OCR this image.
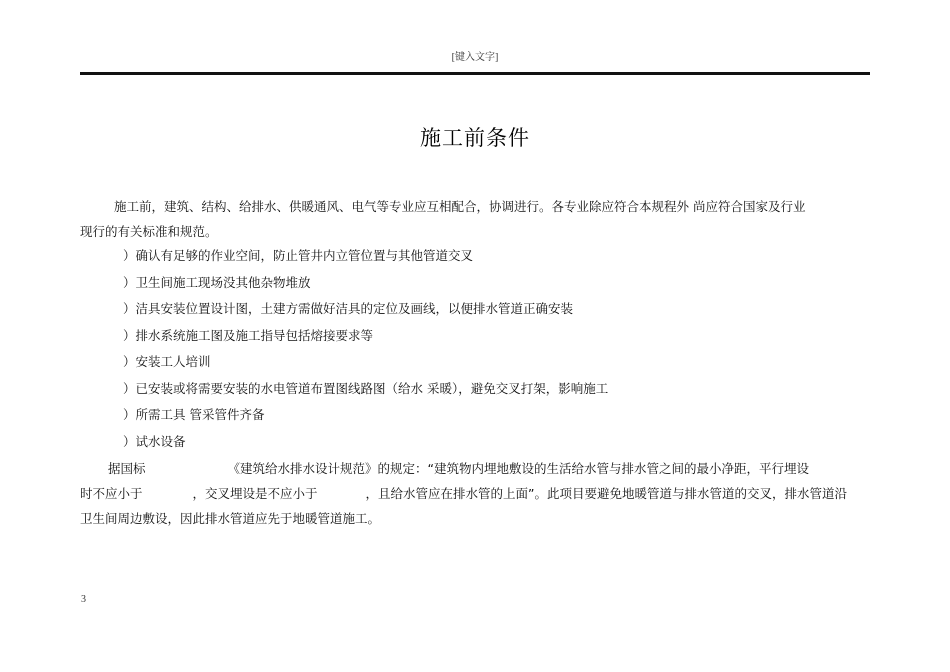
[键入文字]
施工前条件

施工前，建筑、结构、给排水、供暖通风、电气等专业应互相配合，协调进行。各专业除应符合本规程外 尚应符合国家及行业
现行的有关标准和规范。

）确认有足够的作业空间，防止管井内立管位置与其他管道交叉
）卫生间施工现场没其他杂物堆放
）洁具安装位置设计图，土建方需做好洁具的定位及画线，以便排水管道正确安装
）排水系统施工图及施工指导包括熔接要求等
）安装工人培训
）已安装或将需要安装的水电管道布置图线路图（给水 采暖），避免交叉打架，影响施工
）所需工具 管采管件齐备
）试水设备

据国标	《建筑给水排水设计规范》的规定：“建筑物内埋地敷设的生活给水管与排水管之间的最小净距，平行埋设
时不应小于	，交叉埋设是不应小于	，且给水管应在排水管的上面”。此项目要避免地暖管道与排水管道的交叉，排水管道沿
卫生间周边敷设，因此排水管道应先于地暖管道施工。

3
